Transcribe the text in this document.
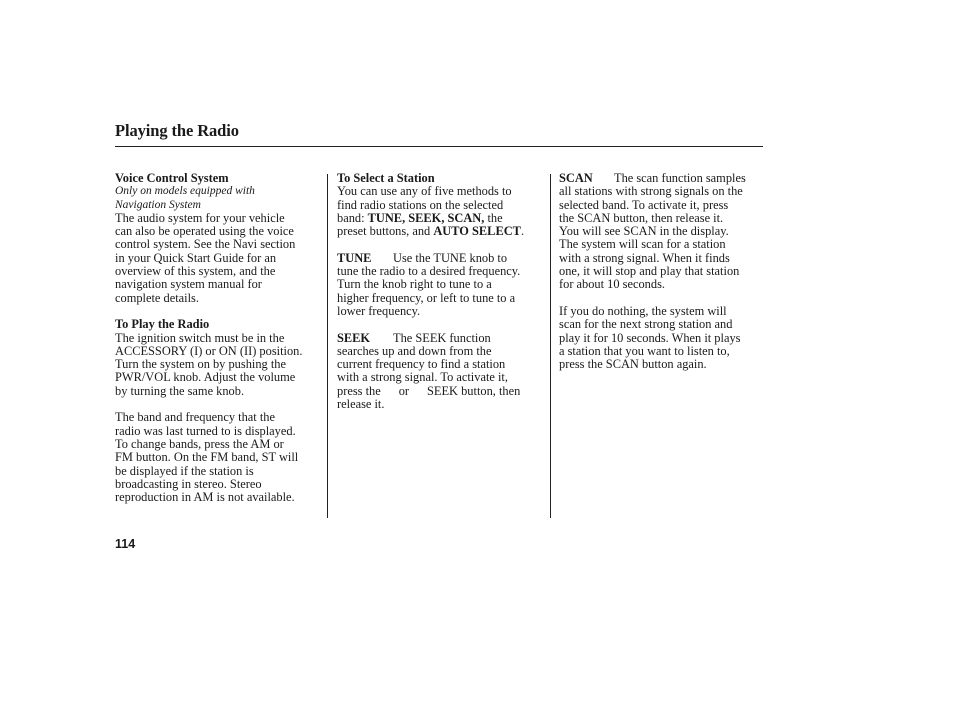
Playing the Radio
Voice Control System
Only on models equipped with
Navigation System
The audio system for your vehicle
can also be operated using the voice
control system. See the Navi section
in your Quick Start Guide for an
overview of this system, and the
navigation system manual for
complete details.
To Play the Radio
The ignition switch must be in the
ACCESSORY (I) or ON (II) position.
Turn the system on by pushing the
PWR/VOL knob. Adjust the volume
by turning the same knob.
The band and frequency that the
radio was last turned to is displayed.
To change bands, press the AM or
FM button. On the FM band, ST will
be displayed if the station is
broadcasting in stereo. Stereo
reproduction in AM is not available.
To Select a Station
You can use any of five methods to
find radio stations on the selected
band: TUNE, SEEK, SCAN, the
preset buttons, and AUTO SELECT.
TUNE Use the TUNE knob to
tune the radio to a desired frequency.
Turn the knob right to tune to a
higher frequency, or left to tune to a
lower frequency.
SEEK The SEEK function
searches up and down from the
current frequency to find a station
with a strong signal. To activate it,
press the or SEEK button, then
release it.
SCAN The scan function samples
all stations with strong signals on the
selected band. To activate it, press
the SCAN button, then release it.
You will see SCAN in the display.
The system will scan for a station
with a strong signal. When it finds
one, it will stop and play that station
for about 10 seconds.
If you do nothing, the system will
scan for the next strong station and
play it for 10 seconds. When it plays
a station that you want to listen to,
press the SCAN button again.
114
